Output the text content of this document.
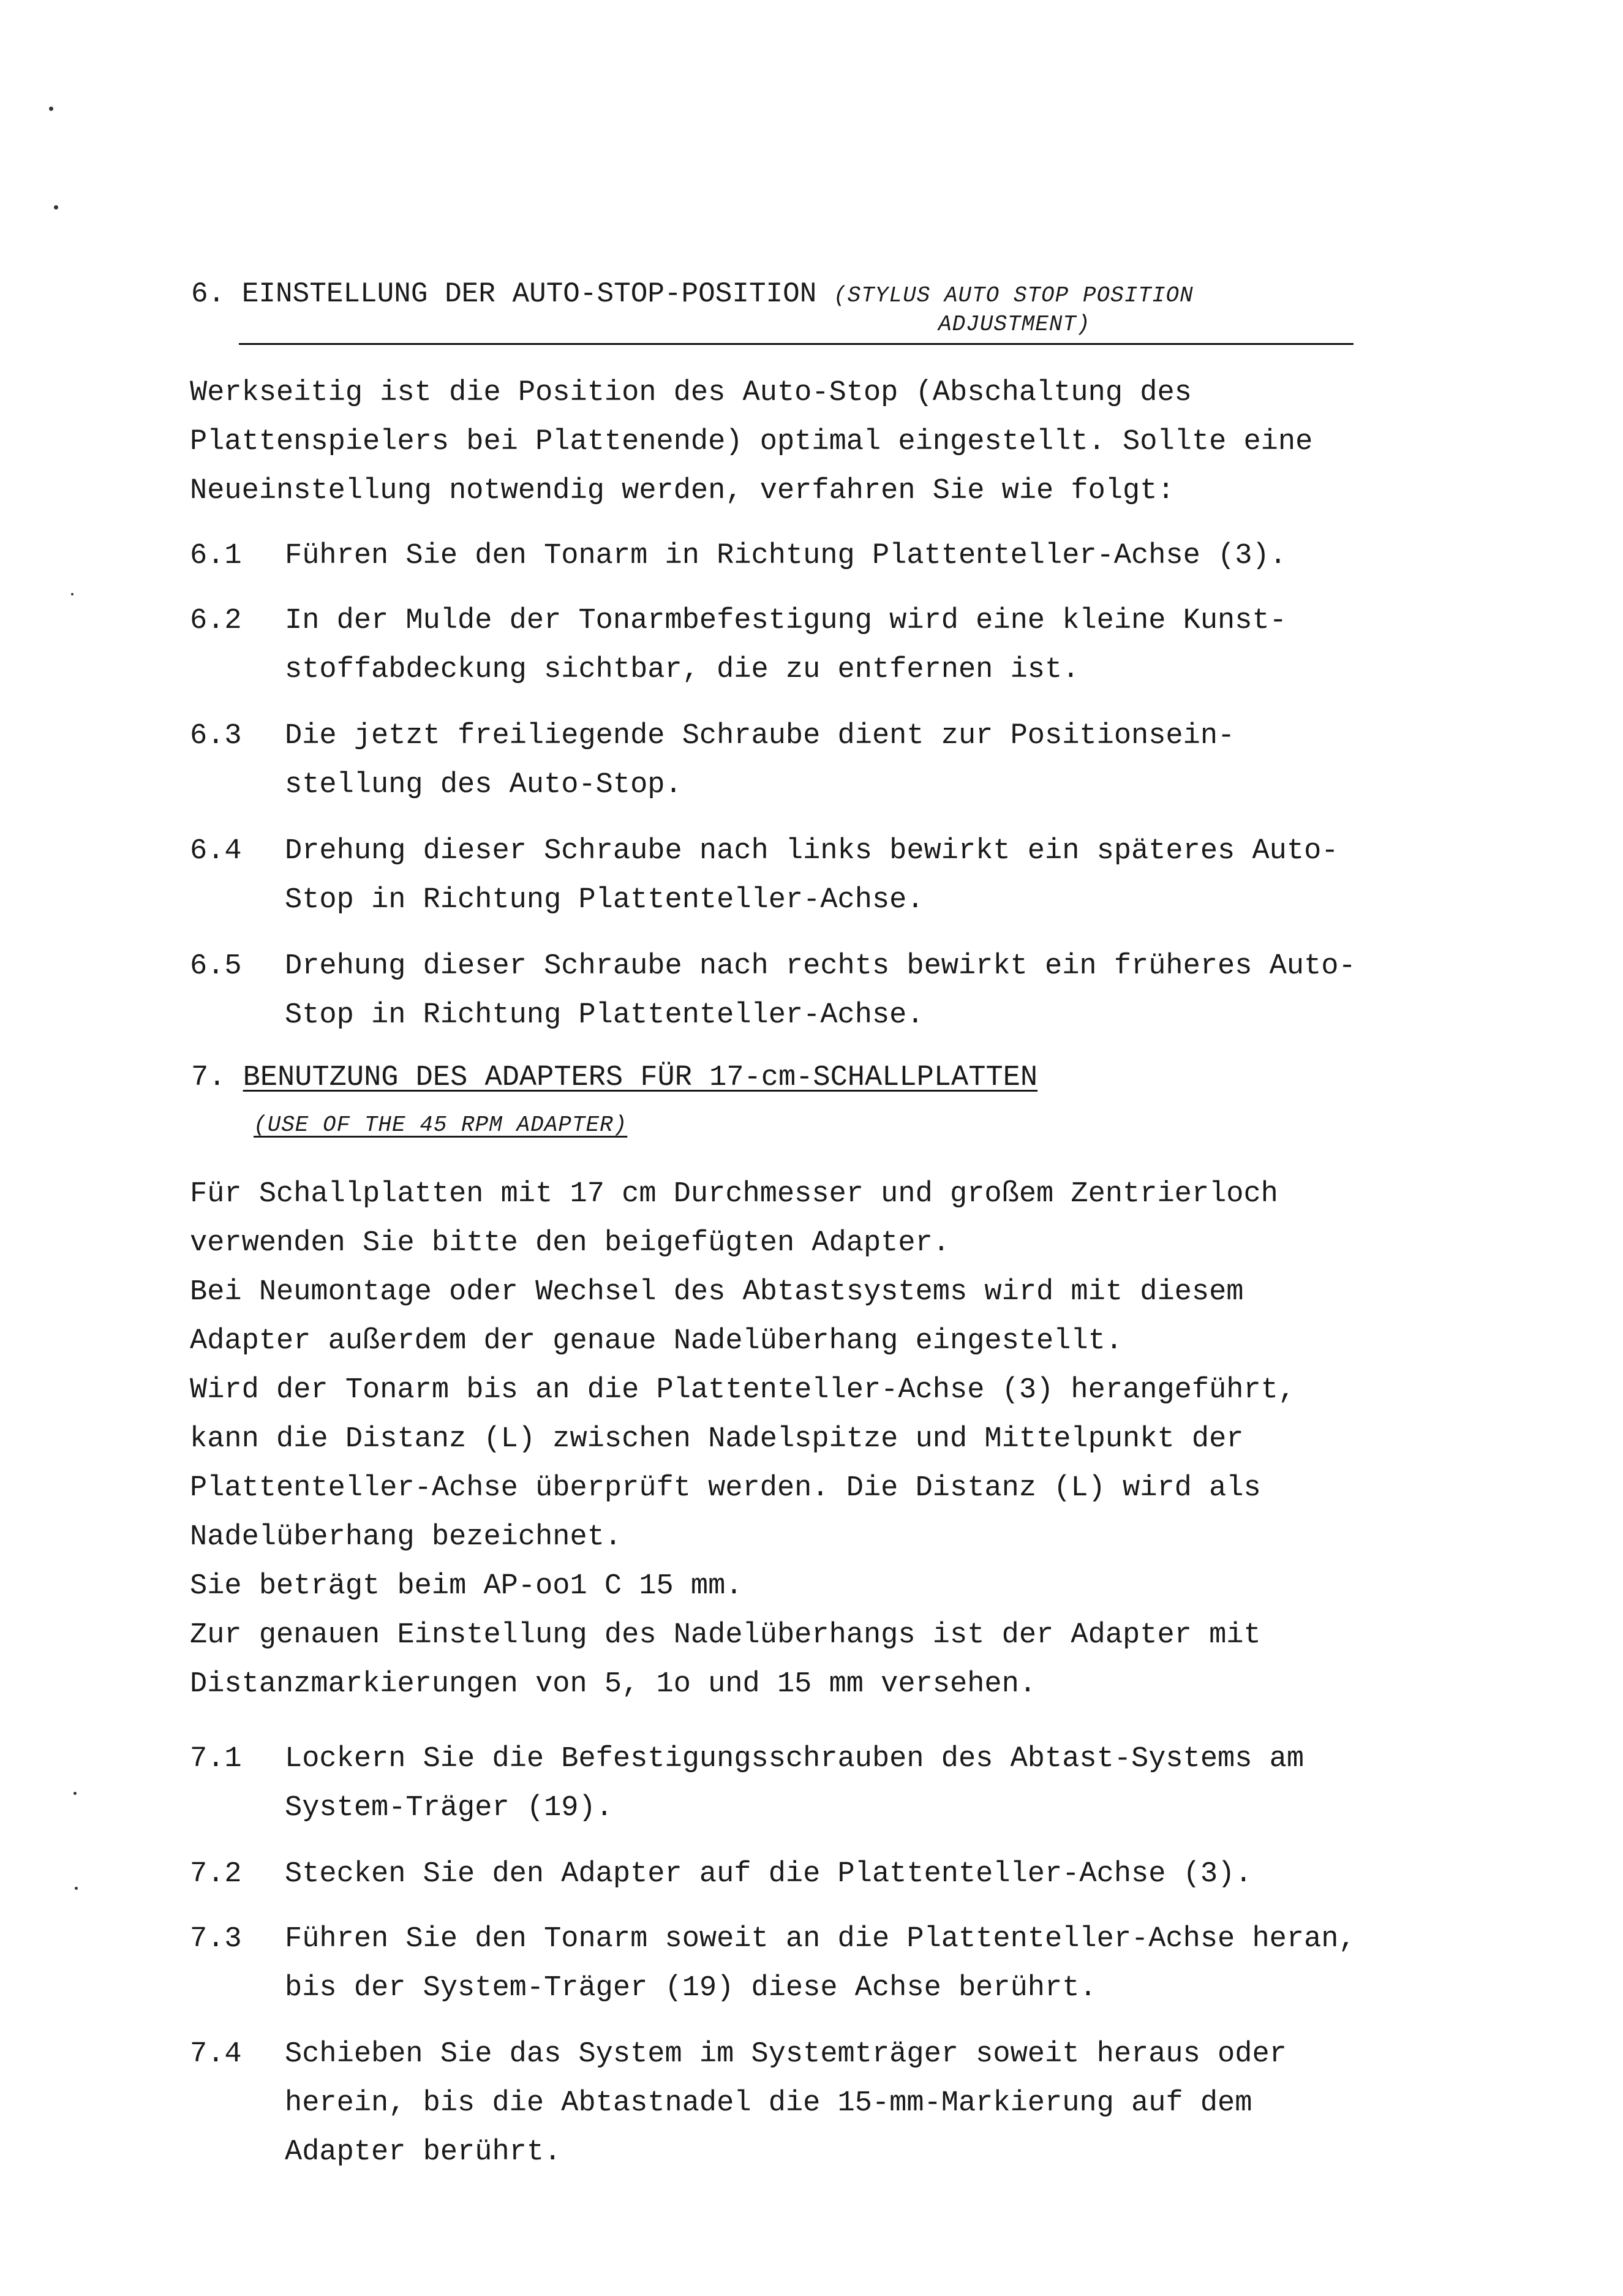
6. EINSTELLUNG DER AUTO-STOP-POSITION (STYLUS AUTO STOP POSITION
ADJUSTMENT)

Werkseitig ist die Position des Auto-Stop (Abschaltung des

Plattenspielers bei Plattenende) optimal eingestellt. Sollte eine

Neueinstellung notwendig werden, verfahren Sie wie folgt:

6.1	Führen Sie den Tonarm in Richtung Plattenteller-Achse (3).
6.2	In der Mulde der Tonarmbefestigung wird eine kleine Kunst-
stoffabdeckung sichtbar, die zu entfernen ist.
6.3	Die jetzt freiliegende Schraube dient zur Positionsein-
stellung des Auto-Stop.
6.4	Drehung dieser Schraube nach links bewirkt ein späteres Auto-
Stop in Richtung Plattenteller-Achse.
6.5	Drehung dieser Schraube nach rechts bewirkt ein früheres Auto-
Stop in Richtung Plattenteller-Achse.
7. BENUTZUNG DES ADAPTERS FÜR 17-cm-SCHALLPLATTEN
(USE OF THE 45 RPM ADAPTER)

Für Schallplatten mit 17 cm Durchmesser und großem Zentrierloch

verwenden Sie bitte den beigefügten Adapter.

Bei Neumontage oder Wechsel des Abtastsystems wird mit diesem

Adapter außerdem der genaue Nadelüberhang eingestellt.

Wird der Tonarm bis an die Plattenteller-Achse (3) herangeführt,

kann die Distanz (L) zwischen Nadelspitze und Mittelpunkt der

Plattenteller-Achse überprüft werden. Die Distanz (L) wird als

Nadelüberhang bezeichnet.

Sie beträgt beim AP-oo1 C 15 mm.

Zur genauen Einstellung des Nadelüberhangs ist der Adapter mit

Distanzmarkierungen von 5, 1o und 15 mm versehen.

7.1	Lockern Sie die Befestigungsschrauben des Abtast-Systems am
System-Träger (19).
7.2	Stecken Sie den Adapter auf die Plattenteller-Achse (3).
7.3	Führen Sie den Tonarm soweit an die Plattenteller-Achse heran,
bis der System-Träger (19) diese Achse berührt.
7.4	Schieben Sie das System im Systemträger soweit heraus oder
herein, bis die Abtastnadel die 15-mm-Markierung auf dem
Adapter berührt.
